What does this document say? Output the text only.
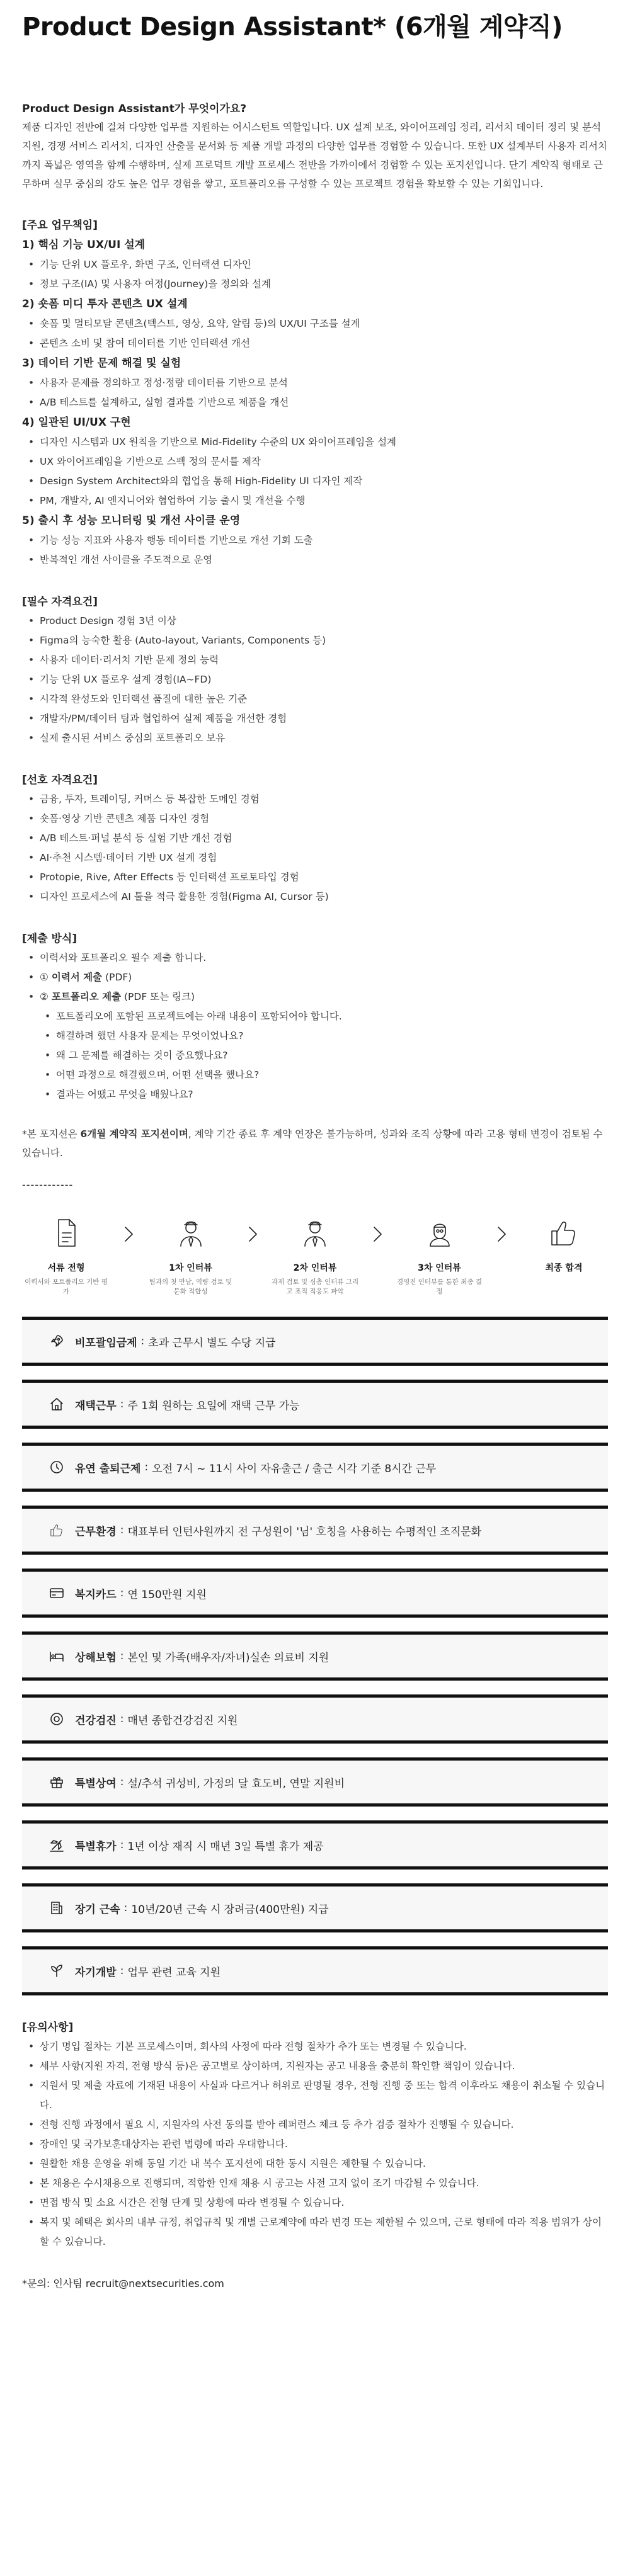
Product Design Assistant* (6개월 계약직)
Product Design Assistant가 무엇이가요?
제품 디자인 전반에 걸쳐 다양한 업무를 지원하는 어시스턴트 역할입니다. UX 설계 보조, 와이어프레임 정리, 리서치 데이터 정리 및 분석 지원, 경쟁 서비스 리서치, 디자인 산출물 문서화 등 제품 개발 과정의 다양한 업무를 경험할 수 있습니다. 또한 UX 설계부터 사용자 리서치까지 폭넓은 영역을 함께 수행하며, 실제 프로덕트 개발 프로세스 전반을 가까이에서 경험할 수 있는 포지션입니다. 단기 계약직 형태로 근무하며 실무 중심의 강도 높은 업무 경험을 쌓고, 포트폴리오를 구성할 수 있는 프로젝트 경험을 확보할 수 있는 기회입니다.
[주요 업무책임]
1) 핵심 기능 UX/UI 설계
• 기능 단위 UX 플로우, 화면 구조, 인터랙션 디자인
• 정보 구조(IA) 및 사용자 여정(Journey)을 정의와 설계
2) 숏폼 미디 투자 콘텐츠 UX 설계
• 숏폼 및 멀티모달 콘텐츠(텍스트, 영상, 요약, 알림 등)의 UX/UI 구조를 설계
• 콘텐츠 소비 및 참여 데이터를 기반 인터랙션 개선
3) 데이터 기반 문제 해결 및 실험
• 사용자 문제를 정의하고 정성·정량 데이터를 기반으로 분석
• A/B 테스트를 설계하고, 실험 결과를 기반으로 제품을 개선
4) 일관된 UI/UX 구현
• 디자인 시스템과 UX 원칙을 기반으로 Mid-Fidelity 수준의 UX 와이어프레임을 설계
• UX 와이어프레임을 기반으로 스펙 정의 문서를 제작
• Design System Architect와의 협업을 통해 High-Fidelity UI 디자인 제작
• PM, 개발자, AI 엔지니어와 협업하여 기능 출시 및 개선을 수행
5) 출시 후 성능 모니터링 및 개선 사이클 운영
• 기능 성능 지표와 사용자 행동 데이터를 기반으로 개선 기회 도출
• 반복적인 개선 사이클을 주도적으로 운영
[필수 자격요건]
• Product Design 경험 3년 이상
• Figma의 능숙한 활용 (Auto-layout, Variants, Components 등)
• 사용자 데이터·리서치 기반 문제 정의 능력
• 기능 단위 UX 플로우 설계 경험(IA~FD)
• 시각적 완성도와 인터랙션 품질에 대한 높은 기준
• 개발자/PM/데이터 팀과 협업하여 실제 제품을 개선한 경험
• 실제 출시된 서비스 중심의 포트폴리오 보유
[선호 자격요건]
• 금융, 투자, 트레이딩, 커머스 등 복잡한 도메인 경험
• 숏폼·영상 기반 콘텐츠 제품 디자인 경험
• A/B 테스트·퍼널 분석 등 실험 기반 개선 경험
• AI·추천 시스템·데이터 기반 UX 설계 경험
• Protopie, Rive, After Effects 등 인터랙션 프로토타입 경험
• 디자인 프로세스에 AI 툴을 적극 활용한 경험(Figma AI, Cursor 등)
[제출 방식]
• 이력서와 포트폴리오 필수 제출 합니다.
• ① 이력서 제출 (PDF)
• ② 포트폴리오 제출 (PDF 또는 링크)
• 포트폴리오에 포함된 프로젝트에는 아래 내용이 포함되어야 합니다.
• 해결하려 했던 사용자 문제는 무엇이었나요?
• 왜 그 문제를 해결하는 것이 중요했나요?
• 어떤 과정으로 해결했으며, 어떤 선택을 했나요?
• 결과는 어땠고 무엇을 배웠나요?
*본 포지션은 6개월 계약직 포지션이며, 계약 기간 종료 후 계약 연장은 불가능하며, 성과와 조직 상황에 따라 고용 형태 변경이 검토될 수 있습니다.
------------
서류 전형
이력서와 포트폴리오 기반 평가
1차 인터뷰
팀과의 첫 만남, 역량 검토 및 문화 적합성
2차 인터뷰
과제 검토 및 심층 인터뷰 그리고 조직 적응도 파악
3차 인터뷰
경영진 인터뷰를 통한 최종 결정
최종 합격
비포괄임금제 : 초과 근무시 별도 수당 지급
재택근무 : 주 1회 원하는 요일에 재택 근무 가능
유연 출퇴근제 : 오전 7시 ~ 11시 사이 자유출근 / 출근 시각 기준 8시간 근무
근무환경 : 대표부터 인턴사원까지 전 구성원이 '님' 호칭을 사용하는 수평적인 조직문화
복지카드 : 연 150만원 지원
상해보험 : 본인 및 가족(배우자/자녀)실손 의료비 지원
건강검진 : 매년 종합건강검진 지원
특별상여 : 설/추석 귀성비, 가정의 달 효도비, 연말 지원비
특별휴가 : 1년 이상 재직 시 매년 3일 특별 휴가 제공
장기 근속 : 10년/20년 근속 시 장려금(400만원) 지급
자기개발 : 업무 관련 교육 지원
[유의사항]
• 상기 명입 절차는 기본 프로세스이며, 회사의 사정에 따라 전형 절차가 추가 또는 변경될 수 있습니다.
• 세부 사항(지원 자격, 전형 방식 등)은 공고별로 상이하며, 지원자는 공고 내용을 충분히 확인할 책임이 있습니다.
• 지원서 및 제출 자료에 기재된 내용이 사실과 다르거나 허위로 판명될 경우, 전형 진행 중 또는 합격 이후라도 채용이 취소될 수 있습니다.
• 전형 진행 과정에서 필요 시, 지원자의 사전 동의를 받아 레퍼런스 체크 등 추가 검증 절차가 진행될 수 있습니다.
• 장애인 및 국가보훈대상자는 관련 법령에 따라 우대합니다.
• 원활한 채용 운영을 위해 동일 기간 내 복수 포지션에 대한 동시 지원은 제한될 수 있습니다.
• 본 채용은 수시채용으로 진행되며, 적합한 인재 채용 시 공고는 사전 고지 없이 조기 마감될 수 있습니다.
• 면접 방식 및 소요 시간은 전형 단계 및 상황에 따라 변경될 수 있습니다.
• 복지 및 혜택은 회사의 내부 규정, 취업규칙 및 개별 근로계약에 따라 변경 또는 제한될 수 있으며, 근로 형태에 따라 적용 범위가 상이할 수 있습니다.
*문의: 인사팀 recruit@nextsecurities.com
